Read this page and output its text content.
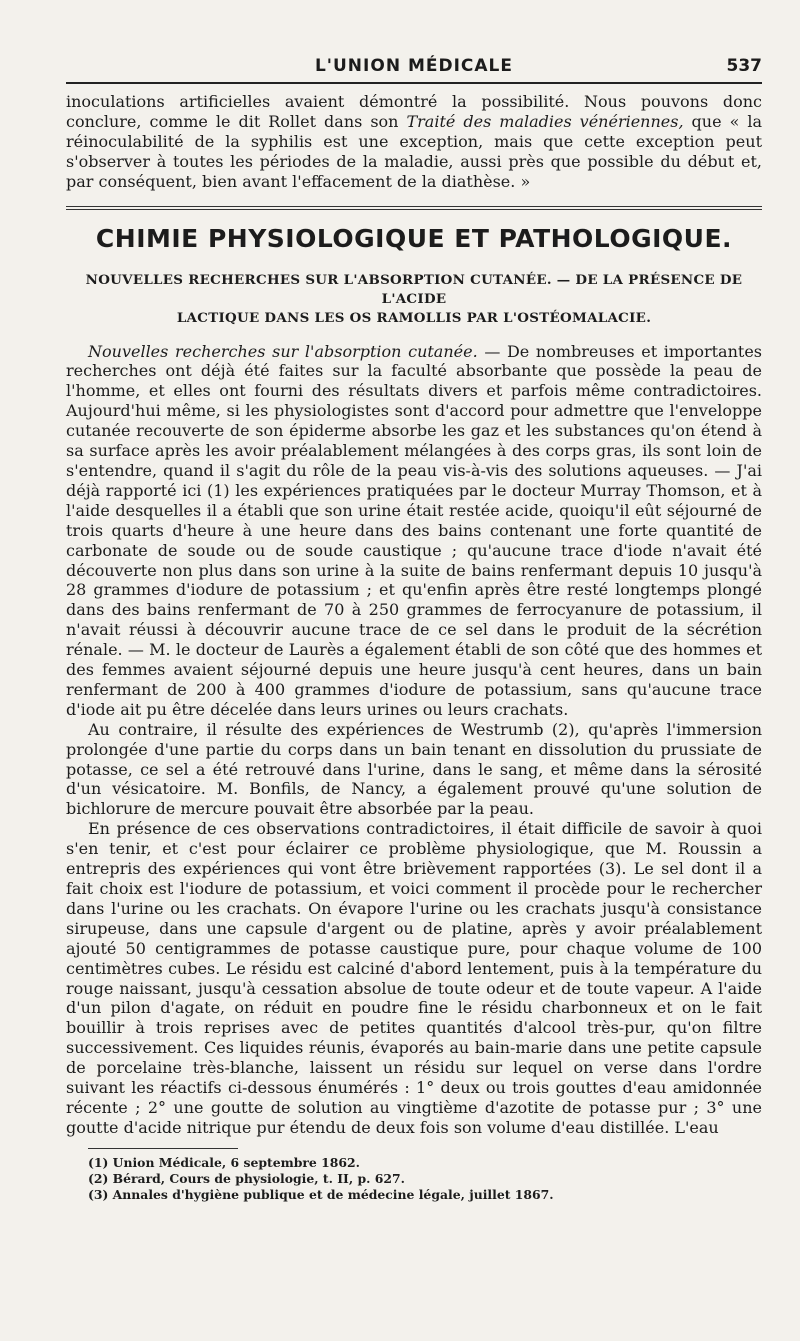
L'UNION MÉDICALE	537

inoculations artificielles avaient démontré la possibilité. Nous pouvons donc conclure, comme le dit Rollet dans son Traité des maladies vénériennes, que « la réinoculabilité de la syphilis est une exception, mais que cette exception peut s'observer à toutes les périodes de la maladie, aussi près que possible du début et, par conséquent, bien avant l'effacement de la diathèse. »

CHIMIE PHYSIOLOGIQUE ET PATHOLOGIQUE.
NOUVELLES RECHERCHES SUR L'ABSORPTION CUTANÉE. — DE LA PRÉSENCE DE L'ACIDE
LACTIQUE DANS LES OS RAMOLLIS PAR L'OSTÉOMALACIE.

Nouvelles recherches sur l'absorption cutanée. — De nombreuses et importantes recherches ont déjà été faites sur la faculté absorbante que possède la peau de l'homme, et elles ont fourni des résultats divers et parfois même contradictoires. Aujourd'hui même, si les physiologistes sont d'accord pour admettre que l'enveloppe cutanée recouverte de son épiderme absorbe les gaz et les substances qu'on étend à sa surface après les avoir préalablement mélangées à des corps gras, ils sont loin de s'entendre, quand il s'agit du rôle de la peau vis-à-vis des solutions aqueuses. — J'ai déjà rapporté ici (1) les expériences pratiquées par le docteur Murray Thomson, et à l'aide desquelles il a établi que son urine était restée acide, quoiqu'il eût séjourné de trois quarts d'heure à une heure dans des bains contenant une forte quantité de carbonate de soude ou de soude caustique ; qu'aucune trace d'iode n'avait été découverte non plus dans son urine à la suite de bains renfermant depuis 10 jusqu'à 28 grammes d'iodure de potassium ; et qu'enfin après être resté longtemps plongé dans des bains renfermant de 70 à 250 grammes de ferrocyanure de potassium, il n'avait réussi à découvrir aucune trace de ce sel dans le produit de la sécrétion rénale. — M. le docteur de Laurès a également établi de son côté que des hommes et des femmes avaient séjourné depuis une heure jusqu'à cent heures, dans un bain renfermant de 200 à 400 grammes d'iodure de potassium, sans qu'aucune trace d'iode ait pu être décelée dans leurs urines ou leurs crachats.

Au contraire, il résulte des expériences de Westrumb (2), qu'après l'immersion prolongée d'une partie du corps dans un bain tenant en dissolution du prussiate de potasse, ce sel a été retrouvé dans l'urine, dans le sang, et même dans la sérosité d'un vésicatoire. M. Bonfils, de Nancy, a également prouvé qu'une solution de bichlorure de mercure pouvait être absorbée par la peau.

En présence de ces observations contradictoires, il était difficile de savoir à quoi s'en tenir, et c'est pour éclairer ce problème physiologique, que M. Roussin a entrepris des expériences qui vont être brièvement rapportées (3). Le sel dont il a fait choix est l'iodure de potassium, et voici comment il procède pour le rechercher dans l'urine ou les crachats. On évapore l'urine ou les crachats jusqu'à consistance sirupeuse, dans une capsule d'argent ou de platine, après y avoir préalablement ajouté 50 centigrammes de potasse caustique pure, pour chaque volume de 100 centimètres cubes. Le résidu est calciné d'abord lentement, puis à la température du rouge naissant, jusqu'à cessation absolue de toute odeur et de toute vapeur. A l'aide d'un pilon d'agate, on réduit en poudre fine le résidu charbonneux et on le fait bouillir à trois reprises avec de petites quantités d'alcool très-pur, qu'on filtre successivement. Ces liquides réunis, évaporés au bain-marie dans une petite capsule de porcelaine très-blanche, laissent un résidu sur lequel on verse dans l'ordre suivant les réactifs ci-dessous énumérés : 1° deux ou trois gouttes d'eau amidonnée récente ; 2° une goutte de solution au vingtième d'azotite de potasse pur ; 3° une goutte d'acide nitrique pur étendu de deux fois son volume d'eau distillée. L'eau

(1) Union Médicale, 6 septembre 1862.
(2) Bérard, Cours de physiologie, t. II, p. 627.
(3) Annales d'hygiène publique et de médecine légale, juillet 1867.
